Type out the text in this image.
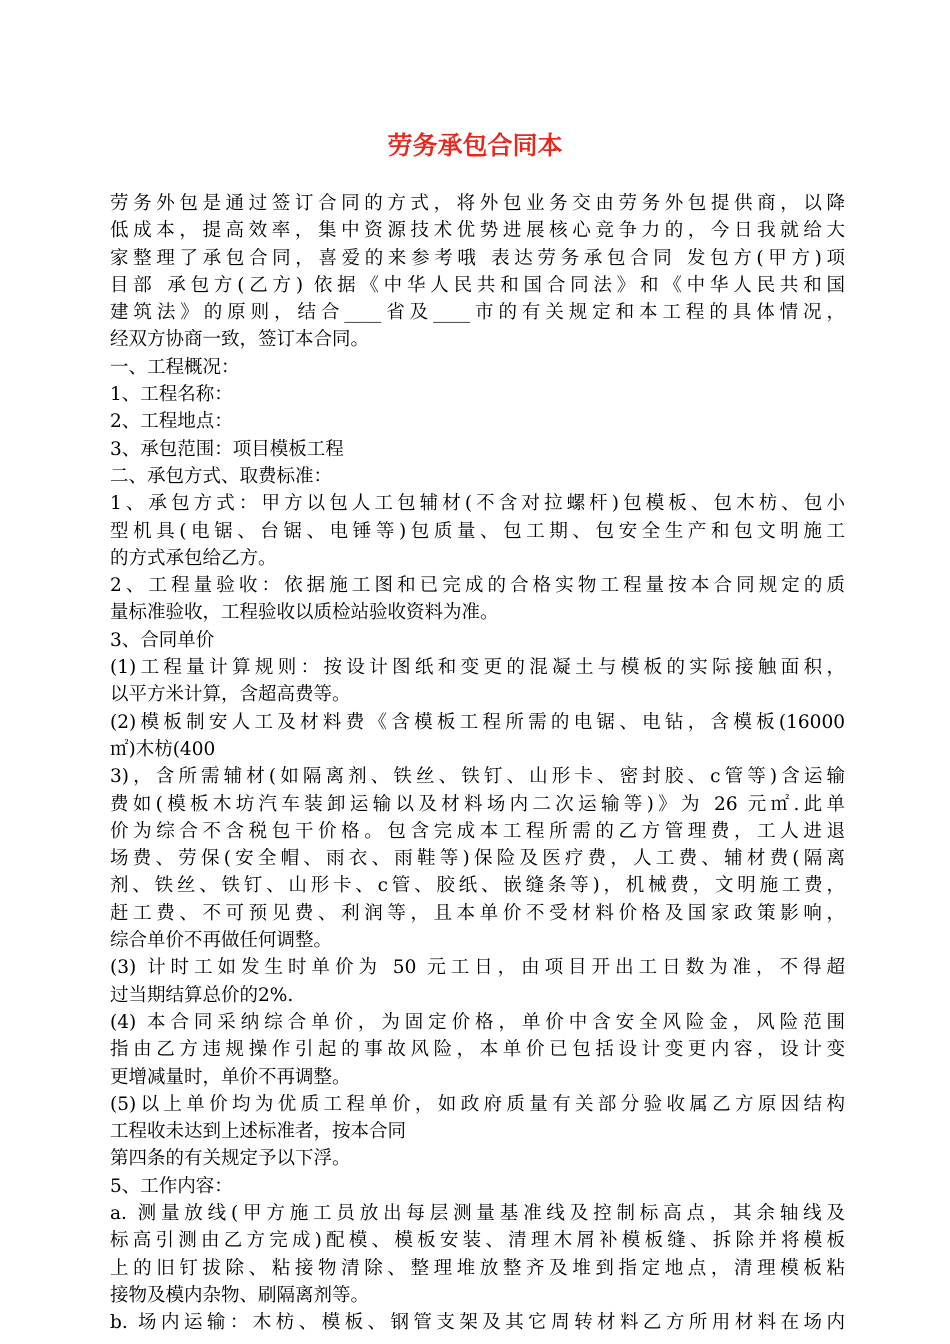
劳务承包合同本
劳务外包是通过签订合同的方式，将外包业务交由劳务外包提供商，以降
低成本，提高效率，集中资源技术优势进展核心竞争力的，今日我就给大
家整理了承包合同，喜爱的来参考哦 表达劳务承包合同 发包方(甲方)项
目部 承包方(乙方) 依据《中华人民共和国合同法》和《中华人民共和国
建筑法》的原则，结合____省及____市的有关规定和本工程的具体情况，
经双方协商一致，签订本合同。
一、工程概况：
1、工程名称：
2、工程地点：
3、承包范围：项目模板工程
二、承包方式、取费标准：
1、承包方式：甲方以包人工包辅材(不含对拉螺杆)包模板、包木枋、包小
型机具(电锯、台锯、电锤等)包质量、包工期、包安全生产和包文明施工
的方式承包给乙方。
2、工程量验收：依据施工图和已完成的合格实物工程量按本合同规定的质
量标准验收，工程验收以质检站验收资料为准。
3、合同单价
(1)工程量计算规则：按设计图纸和变更的混凝土与模板的实际接触面积，
以平方米计算，含超高费等。
(2)模板制安人工及材料费《含模板工程所需的电锯、电钻，含模板(16000
㎡)木枋(400
3)，含所需辅材(如隔离剂、铁丝、铁钉、山形卡、密封胶、c管等)含运输
费如(模板木坊汽车装卸运输以及材料场内二次运输等)》为 26 元㎡.此单
价为综合不含税包干价格。包含完成本工程所需的乙方管理费，工人进退
场费、劳保(安全帽、雨衣、雨鞋等)保险及医疗费，人工费、辅材费(隔离
剂、铁丝、铁钉、山形卡、c管、胶纸、嵌缝条等)，机械费，文明施工费，
赶工费、不可预见费、利润等，且本单价不受材料价格及国家政策影响，
综合单价不再做任何调整。
(3) 计时工如发生时单价为 50 元工日，由项目开出工日数为准，不得超
过当期结算总价的2%.
(4) 本合同采纳综合单价，为固定价格，单价中含安全风险金，风险范围
指由乙方违规操作引起的事故风险，本单价已包括设计变更内容，设计变
更增减量时，单价不再调整。
(5)以上单价均为优质工程单价，如政府质量有关部分验收属乙方原因结构
工程收未达到上述标准者，按本合同
第四条的有关规定予以下浮。
5、工作内容：
a. 测量放线(甲方施工员放出每层测量基准线及控制标高点，其余轴线及
标高引测由乙方完成)配模、模板安装、清理木屑补模板缝、拆除并将模板
上的旧钉拔除、粘接物清除、整理堆放整齐及堆到指定地点，清理模板粘
接物及模内杂物、刷隔离剂等。
b. 场内运输：木枋、模板、钢管支架及其它周转材料乙方所用材料在场内
